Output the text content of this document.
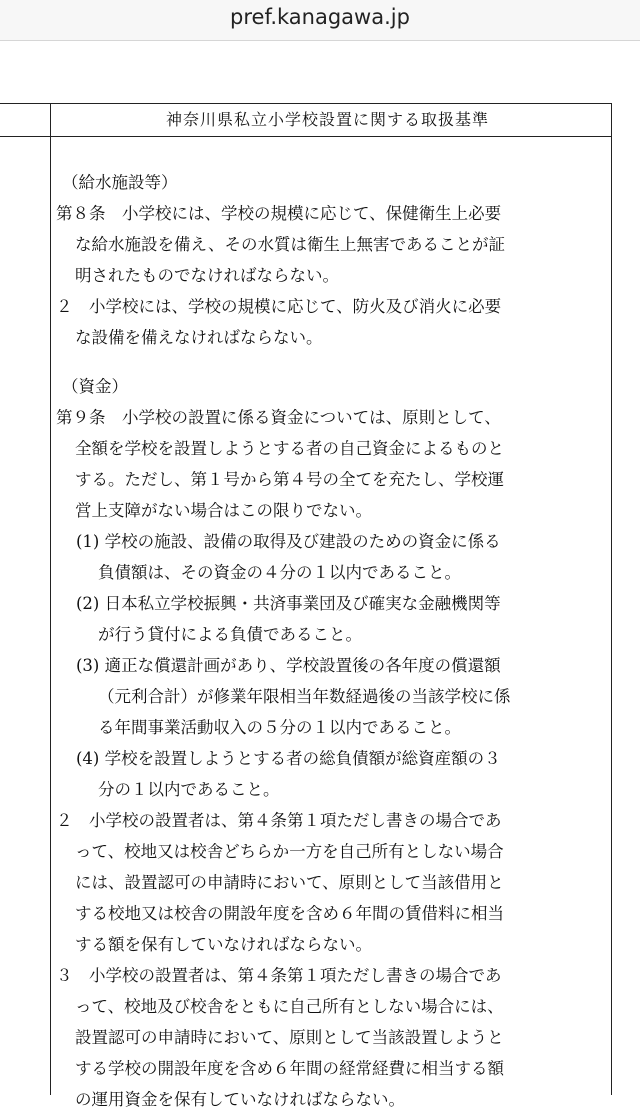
pref.kanagawa.jp
神奈川県私立小学校設置に関する取扱基準
（給水施設等）
第８条　小学校には、学校の規模に応じて、保健衛生上必要
な給水施設を備え、その水質は衛生上無害であることが証
明されたものでなければならない。
２　小学校には、学校の規模に応じて、防火及び消火に必要
な設備を備えなければならない。
（資金）
第９条　小学校の設置に係る資金については、原則として、
全額を学校を設置しようとする者の自己資金によるものと
する。ただし、第１号から第４号の全てを充たし、学校運
営上支障がない場合はこの限りでない。
(1) 学校の施設、設備の取得及び建設のための資金に係る
負債額は、その資金の４分の１以内であること。
(2) 日本私立学校振興・共済事業団及び確実な金融機関等
が行う貸付による負債であること。
(3) 適正な償還計画があり、学校設置後の各年度の償還額
（元利合計）が修業年限相当年数経過後の当該学校に係
る年間事業活動収入の５分の１以内であること。
(4) 学校を設置しようとする者の総負債額が総資産額の３
分の１以内であること。
２　小学校の設置者は、第４条第１項ただし書きの場合であ
って、校地又は校舎どちらか一方を自己所有としない場合
には、設置認可の申請時において、原則として当該借用と
する校地又は校舎の開設年度を含め６年間の賃借料に相当
する額を保有していなければならない。
３　小学校の設置者は、第４条第１項ただし書きの場合であ
って、校地及び校舎をともに自己所有としない場合には、
設置認可の申請時において、原則として当該設置しようと
する学校の開設年度を含め６年間の経常経費に相当する額
の運用資金を保有していなければならない。
